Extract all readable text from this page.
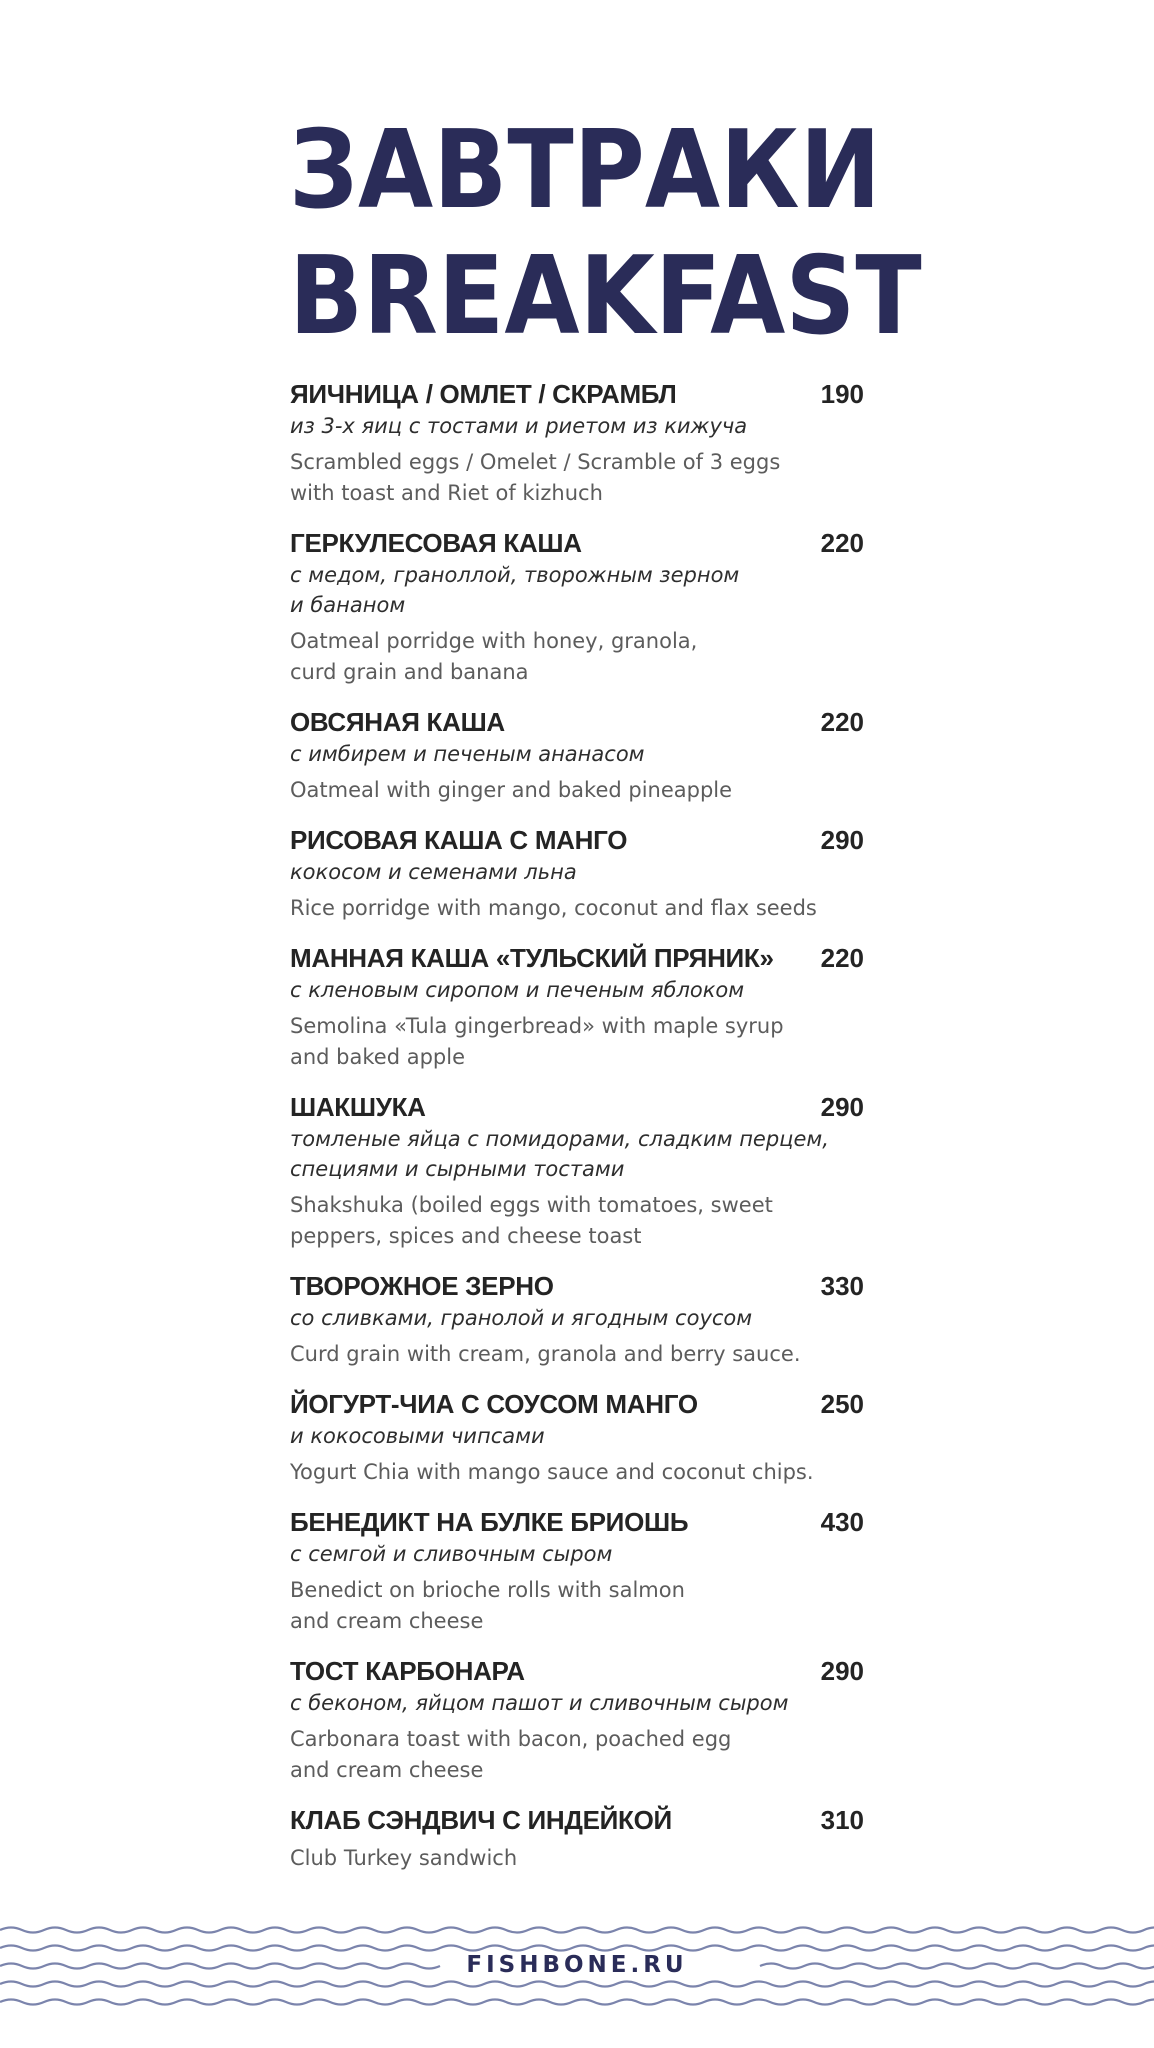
ЗАВТРАКИ
BREAKFAST
ЯИЧНИЦА / ОМЛЕТ / СКРАМБЛ	190
из 3-х яиц с тостами и риетом из кижуча
Scrambled eggs / Omelet / Scramble of 3 eggs
with toast and Riet of kizhuch
ГЕРКУЛЕСОВАЯ КАША	220
с медом, граноллой, творожным зерном
и бананом
Oatmeal porridge with honey, granola,
curd grain and banana
ОВСЯНАЯ КАША	220
с имбирем и печеным ананасом
Oatmeal with ginger and baked pineapple
РИСОВАЯ КАША С МАНГО	290
кокосом и семенами льна
Rice porridge with mango, coconut and flax seeds
МАННАЯ КАША «ТУЛЬСКИЙ ПРЯНИК» 220
с кленовым сиропом и печеным яблоком
Semolina «Tula gingerbread» with maple syrup
and baked apple
ШАКШУКА	290
томленые яйца с помидорами, сладким перцем,
специями и сырными тостами
Shakshuka (boiled eggs with tomatoes, sweet
peppers, spices and cheese toast
ТВОРОЖНОЕ ЗЕРНО	330
со сливками, гранолой и ягодным соусом
Curd grain with cream, granola and berry sauce.
ЙОГУРТ-ЧИА С СОУСОМ МАНГО	250
и кокосовыми чипсами
Yogurt Chia with mango sauce and coconut chips.
БЕНЕДИКТ НА БУЛКЕ БРИОШЬ	430
с семгой и сливочным сыром
Benedict on brioche rolls with salmon
and cream cheese
ТОСТ КАРБОНАРА	290
с беконом, яйцом пашот и сливочным сыром
Carbonara toast with bacon, poached egg
and cream cheese
КЛАБ СЭНДВИЧ С ИНДЕЙКОЙ	310
Club Turkey sandwich
FISHBONE.RU
